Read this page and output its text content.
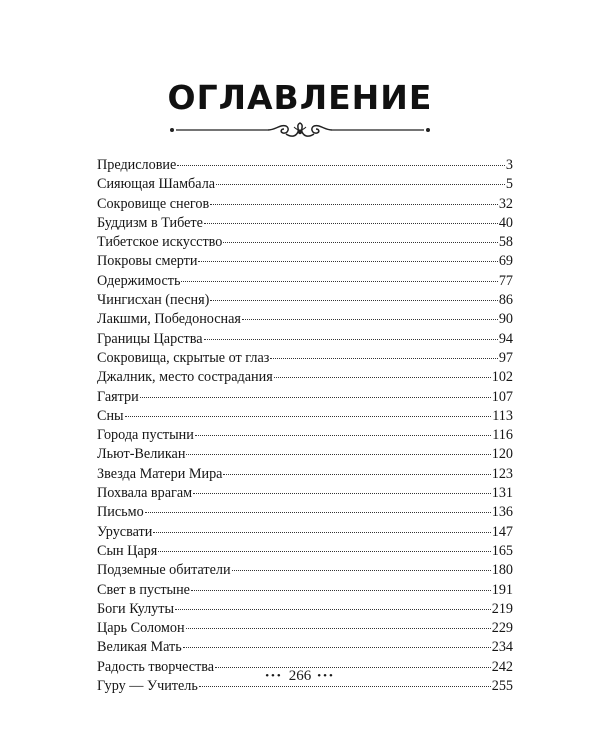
ОГЛАВЛЕНИЕ
Предисловие	3
Сияющая Шамбала	5
Сокровище снегов	32
Буддизм в Тибете	40
Тибетское искусство	58
Покровы смерти	69
Одержимость	77
Чингисхан (песня)	86
Лакшми, Победоносная	90
Границы Царства	94
Сокровища, скрытые от глаз	97
Джалник, место сострадания	102
Гаятри	107
Сны	113
Города пустыни	116
Льют-Великан	120
Звезда Матери Мира	123
Похвала врагам	131
Письмо	136
Урусвати	147
Сын Царя	165
Подземные обитатели	180
Свет в пустыне	191
Боги Кулуты	219
Царь Соломон	229
Великая Мать	234
Радость творчества	242
Гуру — Учитель	255
••• 266 •••
